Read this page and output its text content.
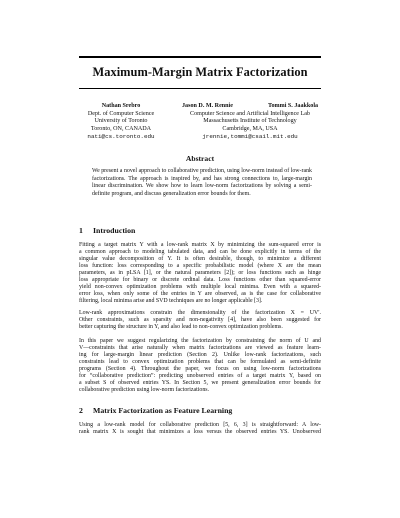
Maximum-Margin Matrix Factorization
Nathan Srebro
Dept. of Computer Science
University of Toronto
Toronto, ON, CANADA
nati@cs.toronto.edu
Jason D. M. Rennie	Tommi S. Jaakkola
Computer Science and Artificial Intelligence Lab
Massachusetts Institute of Technology
Cambridge, MA, USA
jrennie,tommi@csail.mit.edu
Abstract
We present a novel approach to collaborative prediction, using low-norm instead of low-rank factorizations. The approach is inspired by, and has strong connections to, large-margin linear discrimination. We show how to learn low-norm factorizations by solving a semi-definite program, and discuss generalization error bounds for them.
1 Introduction
Fitting a target matrix Y with a low-rank matrix X by minimizing the sum-squared error is
a common approach to modeling tabulated data, and can be done explicitly in terms of the
singular value decomposition of Y. It is often desirable, though, to minimize a different
loss function: loss corresponding to a specific probabilistic model (where X are the mean
parameters, as in pLSA [1], or the natural parameters [2]); or loss functions such as hinge
loss appropriate for binary or discrete ordinal data. Loss functions other than squared-error
yield non-convex optimization problems with multiple local minima. Even with a squared-
error loss, when only some of the entries in Y are observed, as is the case for collaborative
filtering, local minima arise and SVD techniques are no longer applicable [3].
Low-rank approximations constrain the dimensionality of the factorization X = UV′.
Other constraints, such as sparsity and non-negativity [4], have also been suggested for
better capturing the structure in Y, and also lead to non-convex optimization problems.
In this paper we suggest regularizing the factorization by constraining the norm of U and
V—constraints that arise naturally when matrix factorizations are viewed as feature learn-
ing for large-margin linear prediction (Section 2). Unlike low-rank factorizations, such
constraints lead to convex optimization problems that can be formulated as semi-definite
programs (Section 4). Throughout the paper, we focus on using low-norm factorizations
for “collaborative prediction”: predicting unobserved entries of a target matrix Y, based on
a subset S of observed entries YS. In Section 5, we present generalization error bounds for
collaborative prediction using low-norm factorizations.
2 Matrix Factorization as Feature Learning
Using a low-rank model for collaborative prediction [5, 6, 3] is straightforward: A low-
rank matrix X is sought that minimizes a loss versus the observed entries YS. Unobserved
